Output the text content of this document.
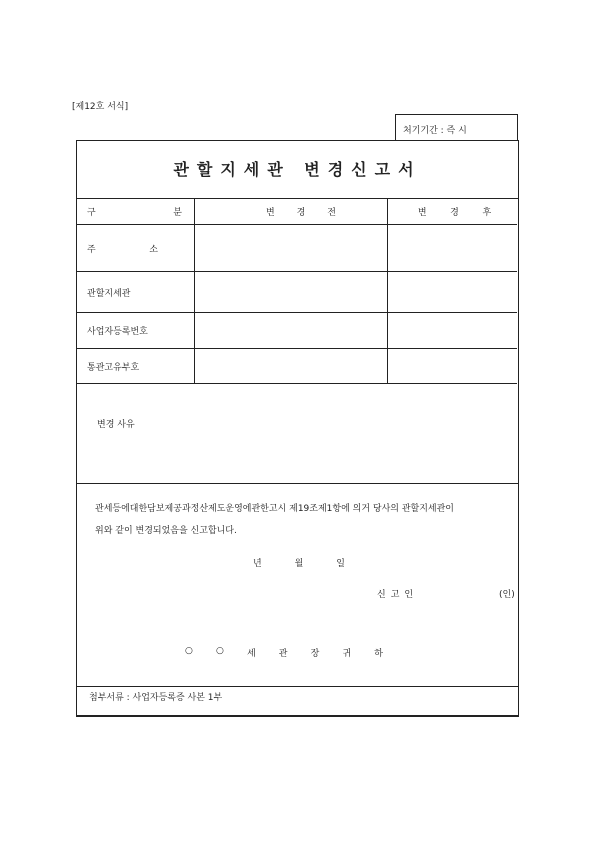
[제12호 서식]
처기기간 : 즉 시
관할지세관 변경신고서
구 분	변 경 전	변 경 후

주 소		

관할지세관		
사업자등록번호		
통관고유부호		
변경 사유
관세등에대한담보제공과정산제도운영에관한고시 제19조제1항에 의거 당사의 관할지세관이
위와 같이 변경되었음을 신고합니다.
년	월	일
신고인	(인)
○	○	세	관	장	귀	하
첨부서류 : 사업자등록증 사본 1부
